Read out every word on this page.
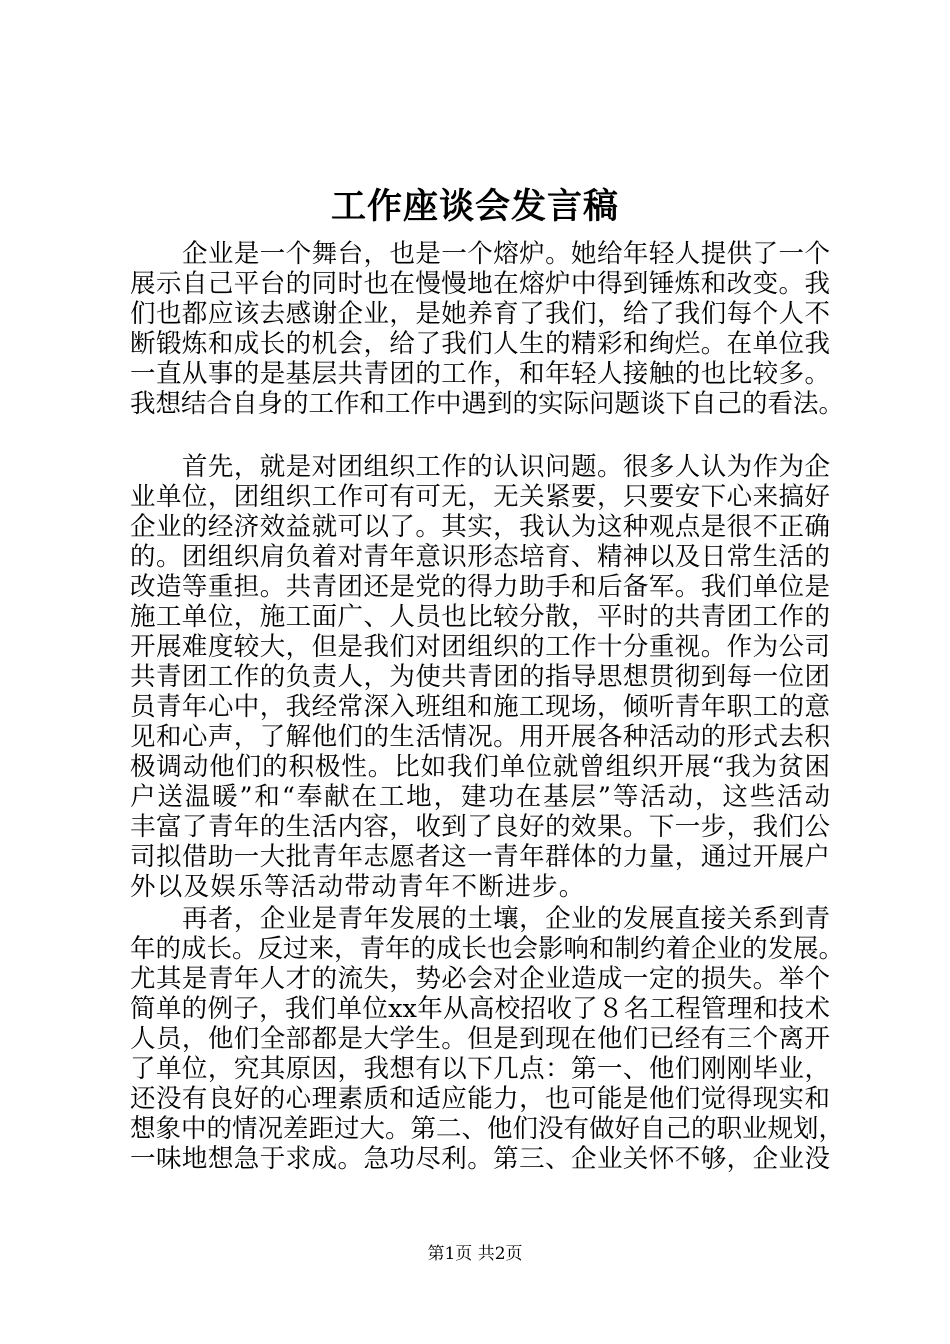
工作座谈会发言稿

企业是一个舞台，也是一个熔炉。她给年轻人提供了一个

展示自己平台的同时也在慢慢地在熔炉中得到锤炼和改变。我

们也都应该去感谢企业，是她养育了我们，给了我们每个人不

断锻炼和成长的机会，给了我们人生的精彩和绚烂。在单位我

一直从事的是基层共青团的工作，和年轻人接触的也比较多。

我想结合自身的工作和工作中遇到的实际问题谈下自己的看法。

首先，就是对团组织工作的认识问题。很多人认为作为企

业单位，团组织工作可有可无，无关紧要，只要安下心来搞好

企业的经济效益就可以了。其实，我认为这种观点是很不正确

的。团组织肩负着对青年意识形态培育、精神以及日常生活的

改造等重担。共青团还是党的得力助手和后备军。我们单位是

施工单位，施工面广、人员也比较分散，平时的共青团工作的

开展难度较大，但是我们对团组织的工作十分重视。作为公司

共青团工作的负责人，为使共青团的指导思想贯彻到每一位团

员青年心中，我经常深入班组和施工现场，倾听青年职工的意

见和心声，了解他们的生活情况。用开展各种活动的形式去积

极调动他们的积极性。比如我们单位就曾组织开展“我为贫困

户送温暖”和“奉献在工地，建功在基层”等活动，这些活动

丰富了青年的生活内容，收到了良好的效果。下一步，我们公

司拟借助一大批青年志愿者这一青年群体的力量，通过开展户

外以及娱乐等活动带动青年不断进步。

再者，企业是青年发展的土壤，企业的发展直接关系到青

年的成长。反过来，青年的成长也会影响和制约着企业的发展。

尤其是青年人才的流失，势必会对企业造成一定的损失。举个

简单的例子，我们单位xx年从高校招收了８名工程管理和技术

人员，他们全部都是大学生。但是到现在他们已经有三个离开

了单位，究其原因，我想有以下几点：第一、他们刚刚毕业，

还没有良好的心理素质和适应能力，也可能是他们觉得现实和

想象中的情况差距过大。第二、他们没有做好自己的职业规划，

一味地想急于求成。急功尽利。第三、企业关怀不够，企业没

第1页 共2页
